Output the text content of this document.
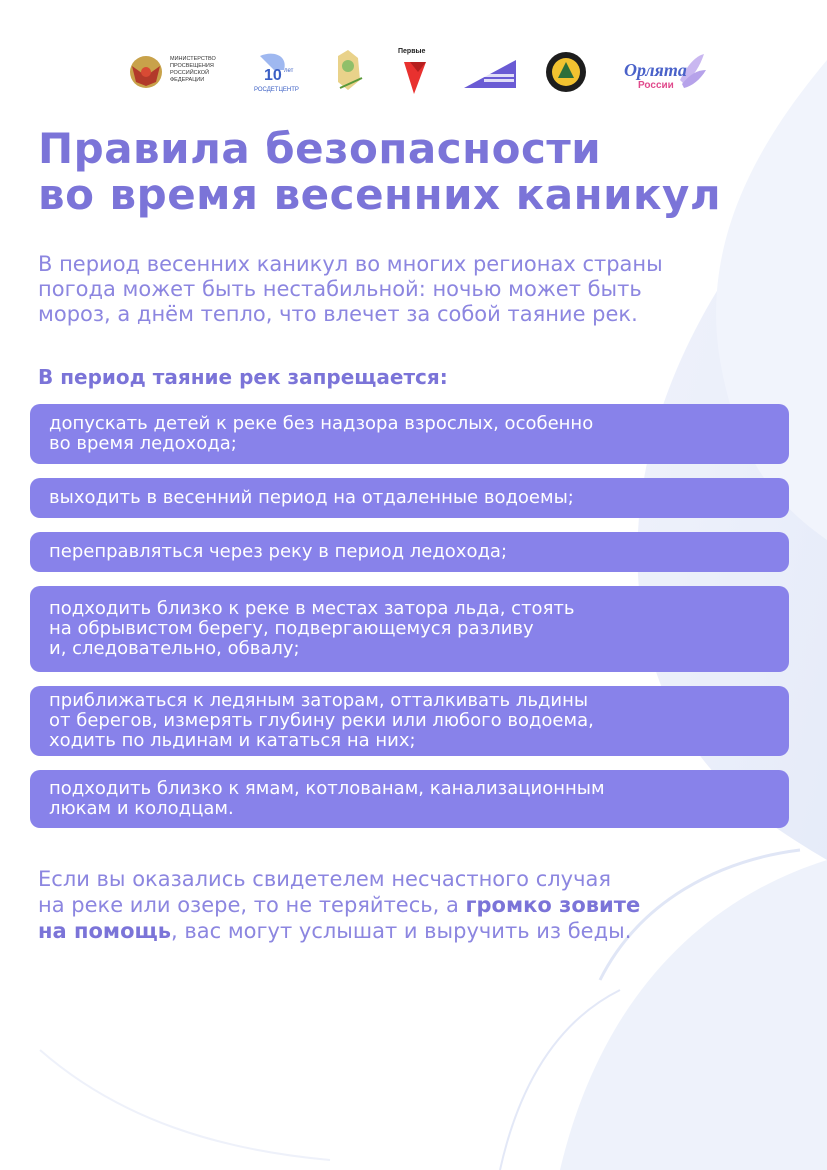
МИНИСТЕРСТВО ПРОСВЕЩЕНИЯ РОССИЙСКОЙ ФЕДЕРАЦИИ	10 лет
РОСДЕТЦЕНТР
Первые
Орлята
России
Правила безопасности
во время весенних каникул

В период весенних каникул во многих регионах страны
погода может быть нестабильной: ночью может быть
мороз, а днём тепло, что влечет за собой таяние рек.

В период таяние рек запрещается:
допускать детей к реке без надзора взрослых, особенно
во время ледохода;
выходить в весенний период на отдаленные водоемы;
переправляться через реку в период ледохода;
подходить близко к реке в местах затора льда, стоять
на обрывистом берегу, подвергающемуся разливу
и, следовательно, обвалу;
приближаться к ледяным заторам, отталкивать льдины
от берегов, измерять глубину реки или любого водоема,
ходить по льдинам и кататься на них;
подходить близко к ямам, котлованам, канализационным
люкам и колодцам.

Если вы оказались свидетелем несчастного случая
на реке или озере, то не теряйтесь, а громко зовите
на помощь, вас могут услышат и выручить из беды.
